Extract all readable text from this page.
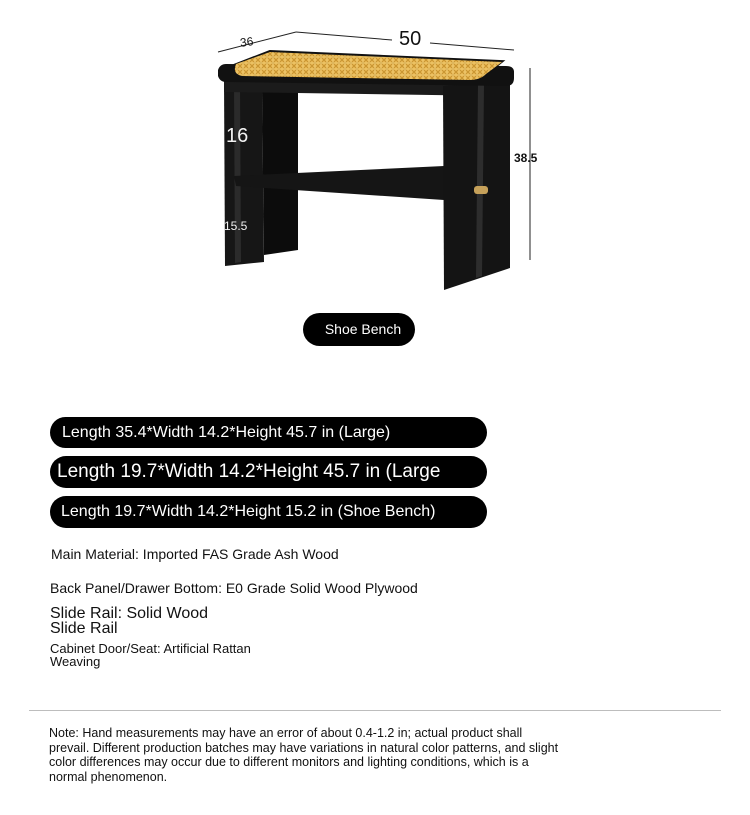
36	50
38.5
16
15.5
Shoe Bench
Length 35.4*Width 14.2*Height 45.7 in (Large)
Length 19.7*Width 14.2*Height 45.7 in (Large
Length 19.7*Width 14.2*Height 15.2 in (Shoe Bench)
Main Material: Imported FAS Grade Ash Wood
Back Panel/Drawer Bottom: E0 Grade Solid Wood Plywood
Slide Rail: Solid Wood
Slide Rail
Cabinet Door/Seat: Artificial Rattan
Weaving
Note: Hand measurements may have an error of about 0.4-1.2 in; actual product shall prevail. Different production batches may have variations in natural color patterns, and slight color differences may occur due to different monitors and lighting conditions, which is a normal phenomenon.
